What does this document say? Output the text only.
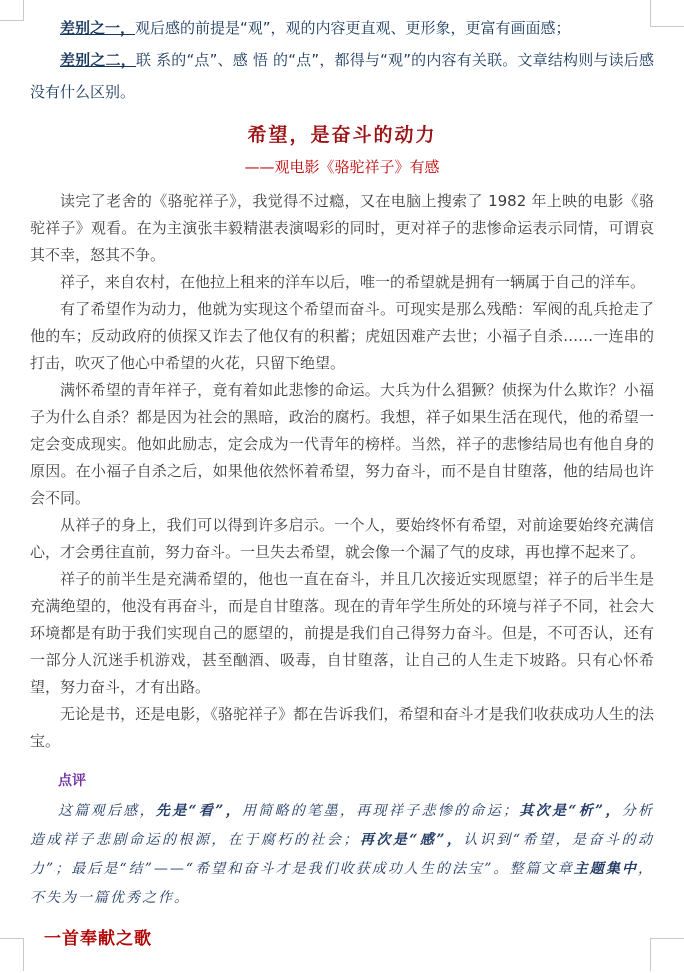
差别之一，观后感的前提是“观”，观的内容更直观、更形象，更富有画面感；

差别之二，联 系的“点”、感 悟 的“点”，都得与“观”的内容有关联。文章结构则与读后感没有什么区别。

希望，是奋斗的动力
——观电影《骆驼祥子》有感

读完了老舍的《骆驼祥子》，我觉得不过瘾，又在电脑上搜索了 1982 年上映的电影《骆驼祥子》观看。在为主演张丰毅精湛表演喝彩的同时，更对祥子的悲惨命运表示同情，可谓哀其不幸，怒其不争。

祥子，来自农村，在他拉上租来的洋车以后，唯一的希望就是拥有一辆属于自己的洋车。

有了希望作为动力，他就为实现这个希望而奋斗。可现实是那么残酷：军阀的乱兵抢走了他的车；反动政府的侦探又诈去了他仅有的积蓄；虎妞因难产去世；小福子自杀……一连串的打击，吹灭了他心中希望的火花，只留下绝望。

满怀希望的青年祥子，竟有着如此悲惨的命运。大兵为什么猖獗？侦探为什么欺诈？小福子为什么自杀？都是因为社会的黑暗，政治的腐朽。我想，祥子如果生活在现代，他的希望一定会变成现实。他如此励志，定会成为一代青年的榜样。当然，祥子的悲惨结局也有他自身的原因。在小福子自杀之后，如果他依然怀着希望，努力奋斗，而不是自甘堕落，他的结局也许会不同。

从祥子的身上，我们可以得到许多启示。一个人，要始终怀有希望，对前途要始终充满信心，才会勇往直前，努力奋斗。一旦失去希望，就会像一个漏了气的皮球，再也撑不起来了。

祥子的前半生是充满希望的，他也一直在奋斗，并且几次接近实现愿望；祥子的后半生是充满绝望的，他没有再奋斗，而是自甘堕落。现在的青年学生所处的环境与祥子不同，社会大环境都是有助于我们实现自己的愿望的，前提是我们自己得努力奋斗。但是，不可否认，还有一部分人沉迷手机游戏，甚至酗酒、吸毒，自甘堕落，让自己的人生走下坡路。只有心怀希望，努力奋斗，才有出路。

无论是书，还是电影，《骆驼祥子》都在告诉我们，希望和奋斗才是我们收获成功人生的法宝。

点评

这篇观后感，先是“看”，用简略的笔墨，再现祥子悲惨的命运；其次是“析”，分析造成祥子悲剧命运的根源，在于腐朽的社会；再次是“感”，认识到“希望，是奋斗的动力”；最后是“结”——“希望和奋斗才是我们收获成功人生的法宝”。整篇文章主题集中，不失为一篇优秀之作。

一首奉献之歌
